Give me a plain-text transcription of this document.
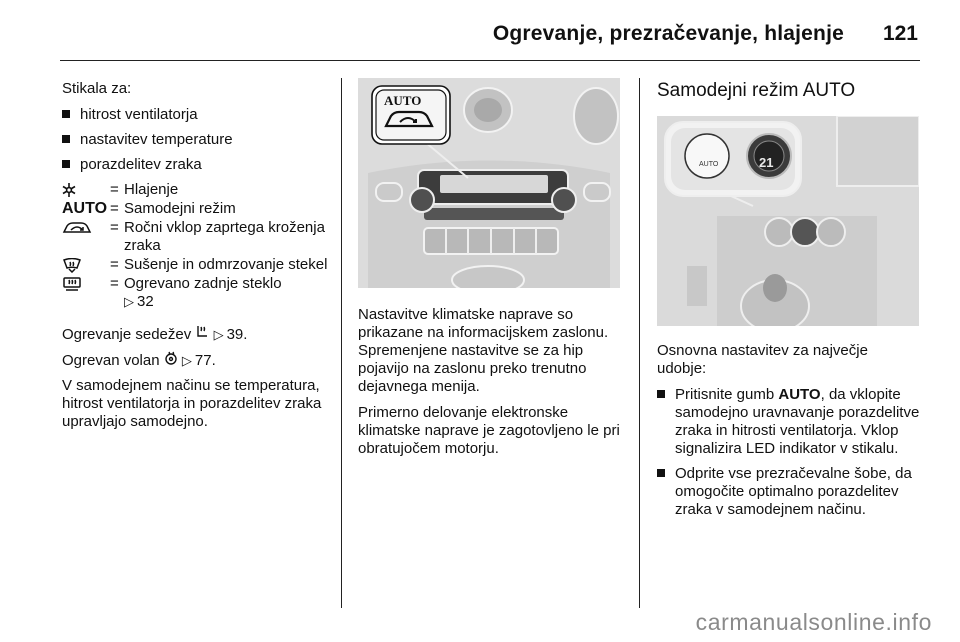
Ogrevanje, prezračevanje, hlajenje 121

Stikala za:

hitrost ventilatorja
nastavitev temperature
porazdelitev zraka
= Hlajenje
AUTO = Samodejni režim
= Ročni vklop zaprtega kroženja zraka
= Sušenje in odmrzovanje stekel
= Ogrevano zadnje steklo
▷ 32

Ogrevanje sedežev ▷ 39.

Ogrevan volan ▷ 77.

V samodejnem načinu se temperatura, hitrost ventilatorja in porazdelitev zraka upravljajo samodejno.

AUTO

Nastavitve klimatske naprave so prikazane na informacijskem zaslonu. Spremenjene nastavitve se za hip pojavijo na zaslonu preko trenutno dejavnega menija.

Primerno delovanje elektronske klimatske naprave je zagotovljeno le pri obratujočem motorju.

Samodejni režim AUTO
AUTO	21

Osnovna nastavitev za največje udobje:

Pritisnite gumb AUTO, da vklopite samodejno uravnavanje porazdelitve zraka in hitrosti ventilatorja. Vklop signalizira LED indikator v stikalu.
Odprite vse prezračevalne šobe, da omogočite optimalno porazdelitev zraka v samodejnem načinu.
carmanualsonline.info
